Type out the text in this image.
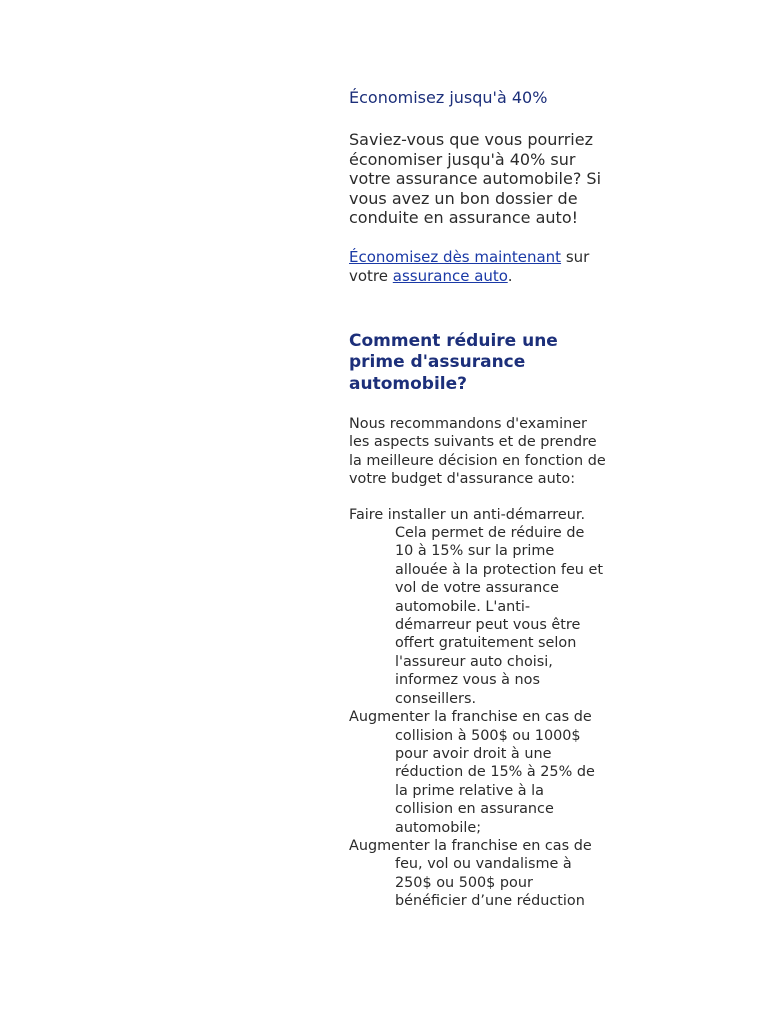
Économisez jusqu'à 40%

Saviez-vous que vous pourriez économiser jusqu'à 40% sur votre assurance automobile? Si vous avez un bon dossier de conduite en assurance auto!

Économisez dès maintenant sur votre assurance auto.

Comment réduire une prime d'assurance automobile?

Nous recommandons d'examiner les aspects suivants et de prendre la meilleure décision en fonction de votre budget d'assurance auto:

Faire installer un anti-démarreur.
Cela permet de réduire de 10 à 15% sur la prime allouée à la protection feu et vol de votre assurance automobile. L'anti-démarreur peut vous être offert gratuitement selon l'assureur auto choisi, informez vous à nos conseillers.
Augmenter la franchise en cas de
collision à 500$ ou 1000$ pour avoir droit à une réduction de 15% à 25% de la prime relative à la collision en assurance automobile;
Augmenter la franchise en cas de
feu, vol ou vandalisme à 250$ ou 500$ pour bénéficier d’une réduction
